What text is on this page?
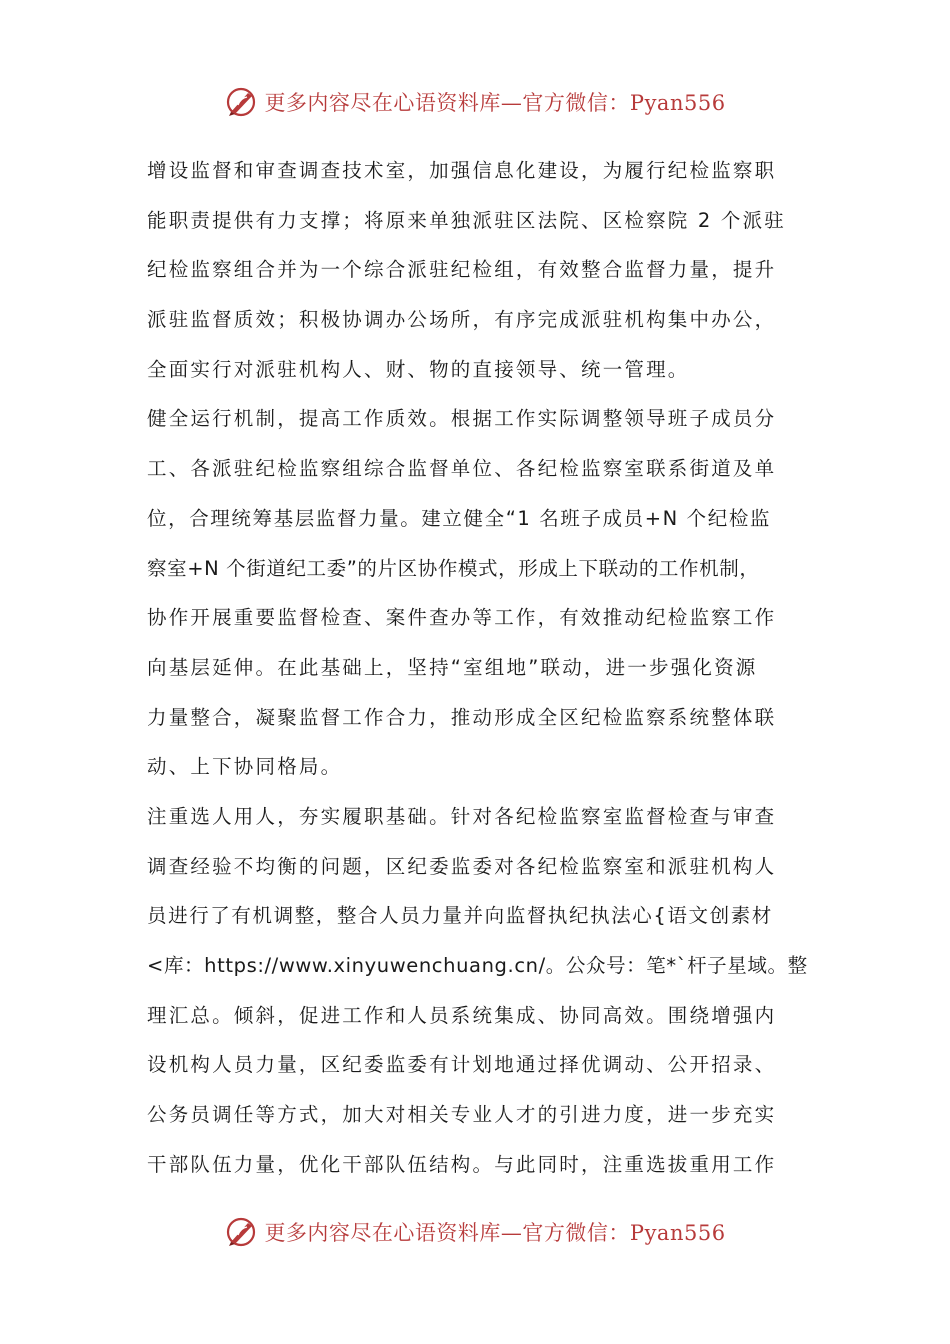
更多内容尽在心语资料库—官方微信：Pyan556
增设监督和审查调查技术室，加强信息化建设，为履行纪检监察职
能职责提供有力支撑；将原来单独派驻区法院、区检察院 2 个派驻
纪检监察组合并为一个综合派驻纪检组，有效整合监督力量，提升
派驻监督质效；积极协调办公场所，有序完成派驻机构集中办公，
全面实行对派驻机构人、财、物的直接领导、统一管理。
健全运行机制，提高工作质效。根据工作实际调整领导班子成员分
工、各派驻纪检监察组综合监督单位、各纪检监察室联系街道及单
位，合理统筹基层监督力量。建立健全“1 名班子成员+N 个纪检监
察室+N 个街道纪工委”的片区协作模式，形成上下联动的工作机制，
协作开展重要监督检查、案件查办等工作，有效推动纪检监察工作
向基层延伸。在此基础上，坚持“室组地”联动，进一步强化资源
力量整合，凝聚监督工作合力，推动形成全区纪检监察系统整体联
动、上下协同格局。
注重选人用人，夯实履职基础。针对各纪检监察室监督检查与审查
调查经验不均衡的问题，区纪委监委对各纪检监察室和派驻机构人
员进行了有机调整，整合人员力量并向监督执纪执法心{语文创素材
<库：https://www.xinyuwenchuang.cn/。公众号：笔*`杆子星域。整
理汇总。倾斜，促进工作和人员系统集成、协同高效。围绕增强内
设机构人员力量，区纪委监委有计划地通过择优调动、公开招录、
公务员调任等方式，加大对相关专业人才的引进力度，进一步充实
干部队伍力量，优化干部队伍结构。与此同时，注重选拔重用工作
更多内容尽在心语资料库—官方微信：Pyan556
